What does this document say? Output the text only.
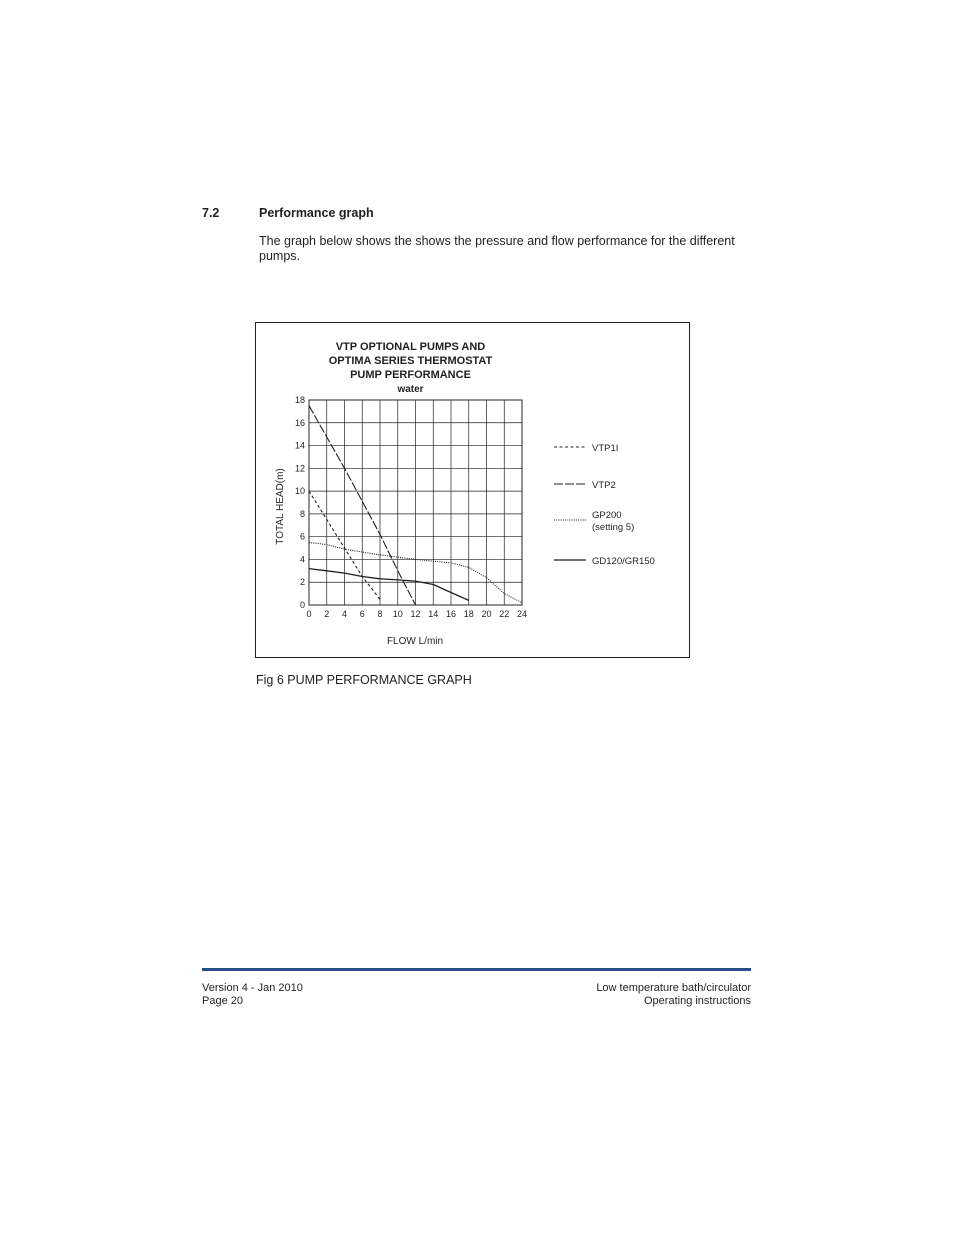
7.2	Performance graph
The graph below shows the shows the pressure and flow performance for the different pumps.
VTP OPTIONAL PUMPS AND
OPTIMA SERIES THERMOSTAT
PUMP PERFORMANCE
water
0 2 4 6 8 10 12 14 16 18 20 22 24
0
2
4
6
8
10
12
14
16
18
FLOW L/min
TOTAL HEAD(m)
VTP1I
VTP2
GP200
(setting 5)
GD120/GR150
Fig 6 PUMP PERFORMANCE GRAPH
Version 4 - Jan 2010
Page 20
Low temperature bath/circulator
Operating instructions
